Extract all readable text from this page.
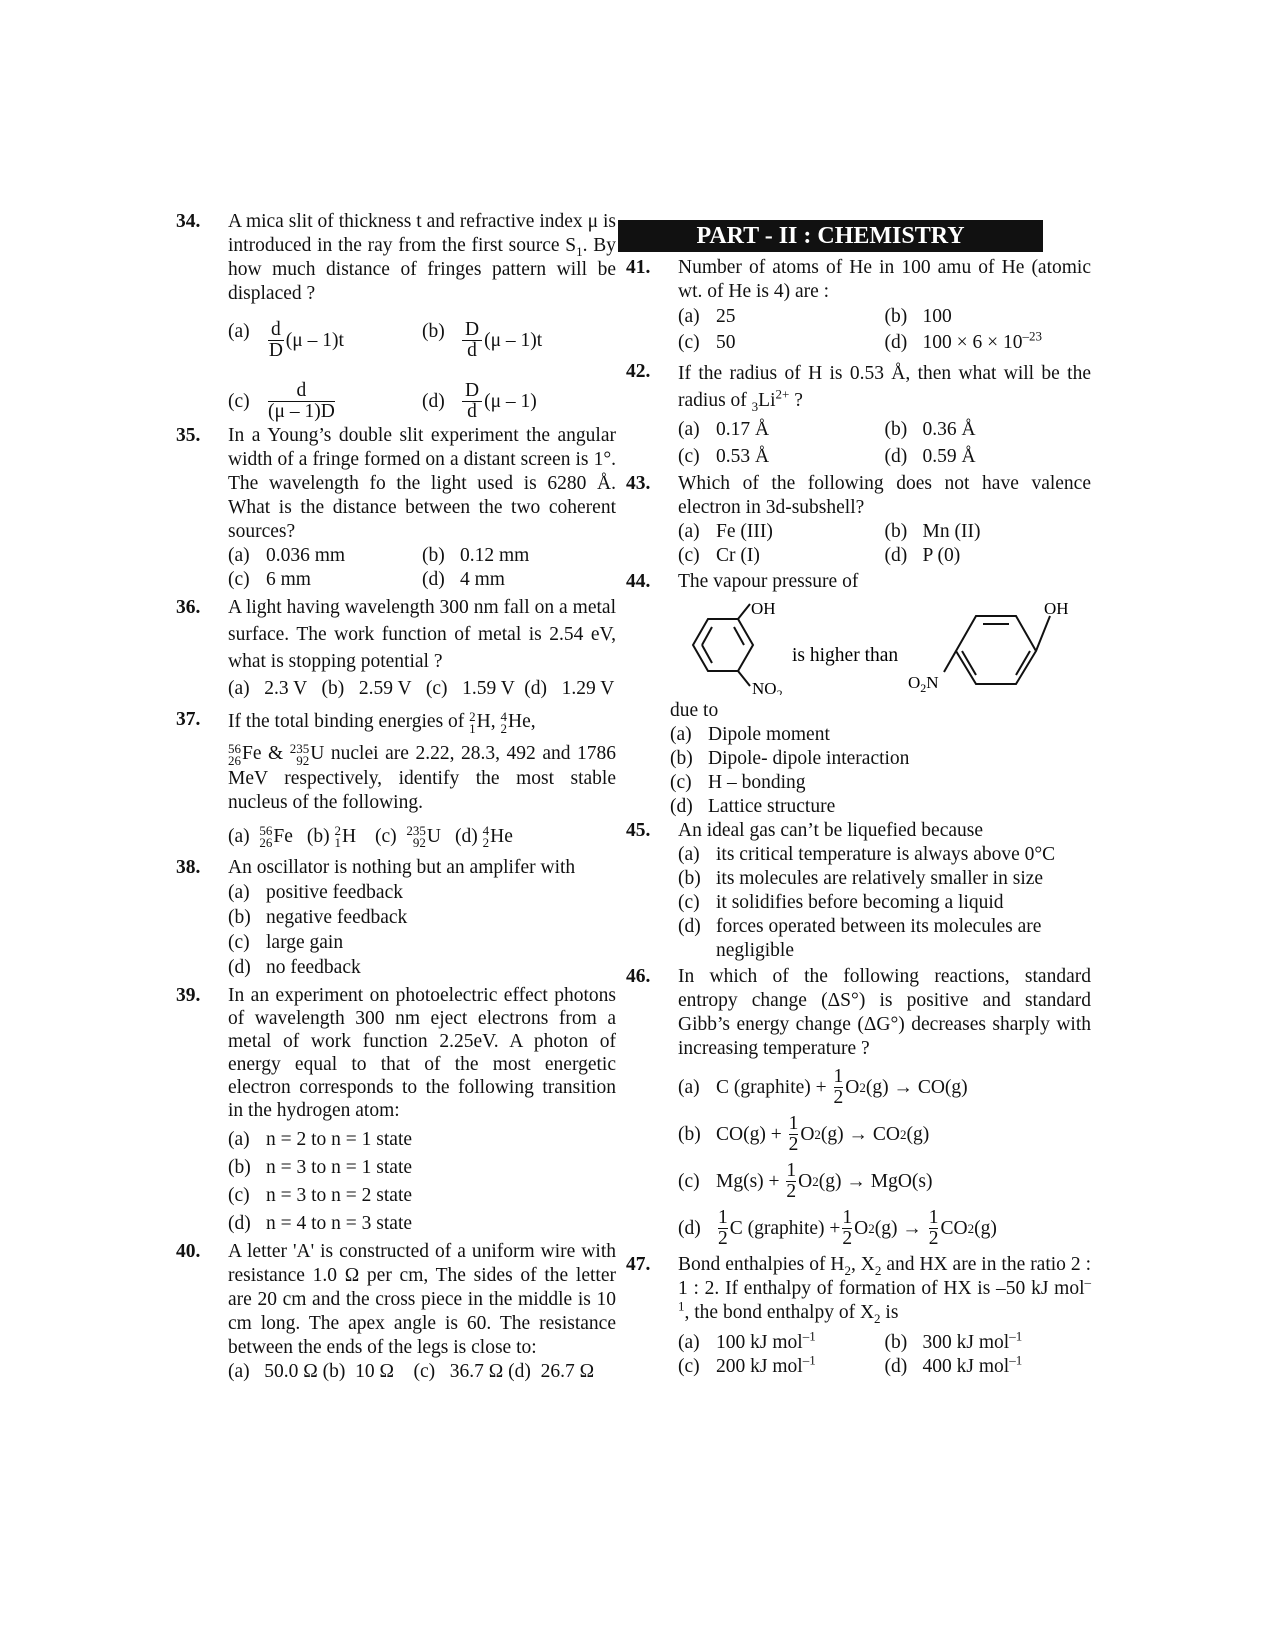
34. A mica slit of thickness t and refractive index μ is introduced in the ray from the first source $S_1$. By how much distance of fringes pattern will be displaced ?
$(a) \frac{d}{D} (\mu - 1)t$	$(b) \frac{D}{d} (\mu - 1)t$
$(c) \frac{d}{(\mu - 1)D}$	$(d) \frac{D}{d} (\mu - 1)$
35. In a Young’s double slit experiment the angular width of a fringe formed on a distant screen is 1°. The wavelength fo the light used is 6280 Å. What is the distance between the two coherent sources?
(a) 0.036 mm	(b) 0.12 mm
(c) 6 mm	(d) 4 mm
36. A light having wavelength 300 nm fall on a metal surface. The work function of metal is 2.54 eV, what is stopping potential ?
(a)   2.3 V   (b)   2.59 V   (c)   1.59 V  (d)   1.29 V
37. If the total binding energies of 2
1 H, 4
2 He,
56
26 Fe & 235
92 U nuclei are 2.22, 28.3, 492 and 1786 MeV respectively, identify the most stable nucleus of the following.
(a) 56
26 Fe (b) 2
1 H (c) 235
92 U (d) 4
2 He
38. An oscillator is nothing but an amplifer with
(a) positive feedback
(b) negative feedback
(c) large gain
(d) no feedback
39. In an experiment on photoelectric effect photons of wavelength 300 nm eject electrons from a metal of work function 2.25eV. A photon of energy equal to that of the most energetic electron corresponds to the following transition in the hydrogen atom:
(a) n = 2 to n = 1 state
(b) n = 3 to n = 1 state
(c) n = 3 to n = 2 state
(d) n = 4 to n = 3 state
40. A letter 'A' is constructed of a uniform wire with resistance 1.0 Ω per cm, The sides of the letter are 20 cm and the cross piece in the middle is 10 cm long. The apex angle is 60. The resistance between the ends of the legs is close to:
(a)   50.0 Ω (b)  10 Ω    (c)   36.7 Ω (d)  26.7 Ω
PART - II : CHEMISTRY
41. Number of atoms of He in 100 amu of He (atomic wt. of He is 4) are :
(a) 25	(b) 100
(c) 50	(d) $100 \times 6 \times 10^{-23}$
42. If the radius of H is 0.53 Å, then what will be the radius of $_3Li^{2+}$ ?
(a) 0.17 Å	(b) 0.36 Å
(c) 0.53 Å	(d) 0.59 Å
43. Which of the following does not have valence electron in 3d-subshell?
(a) Fe (III)	(b) Mn (II)
(c) Cr (I)	(d) P (0)
44. The vapour pressure of
OH
$NO_2$
is higher than
OH
$O_2N$
due to
(a) Dipole moment
(b) Dipole- dipole interaction
(c) H – bonding
(d) Lattice structure
45. An ideal gas can’t be liquefied because
(a) its critical temperature is always above 0°C
(b) its molecules are relatively smaller in size
(c) it solidifies before becoming a liquid
(d) forces operated between its molecules are negligible
46. In which of the following reactions, standard entropy change (ΔS°) is positive and standard Gibb’s energy change (ΔG°) decreases sharply with increasing temperature ?
(a) C (graphite) +
$\frac{1}{2}$ O 2 (g) → CO(g)
(b) CO(g) +
$\frac{1}{2}$ O 2 (g) → CO 2 (g)
(c) Mg(s) +
$\frac{1}{2}$ O 2 (g) → MgO(s)
$(d) \frac{1}{2}$ C (graphite) + $\frac{1}{2}$ O 2 (g) →
$\frac{1}{2}$ CO 2 (g)
47. Bond enthalpies of $H_2$, $X_2$ and HX are in the ratio 2 : 1 : 2. If enthalpy of formation of HX is –50 kJ mol$^{-1}$, the bond enthalpy of $X_2$ is
(a) 100 kJ mol$^{-1}$	(b) 300 kJ mol$^{-1}$
(c) 200 kJ mol$^{-1}$	(d) 400 kJ mol$^{-1}$
